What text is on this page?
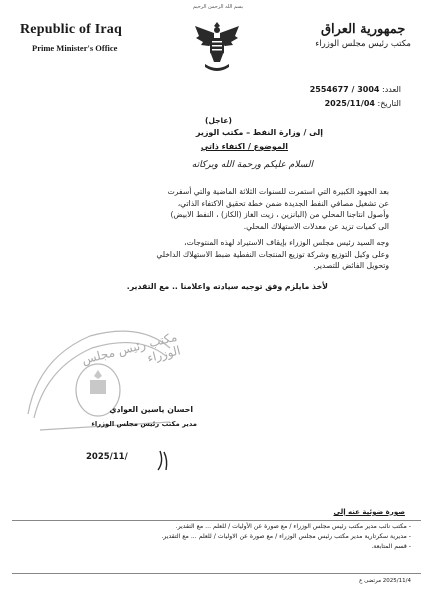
بسم الله الرحمن الرحيم
Republic of Iraq
Prime Minister's Office
جمهورية العراق
مكتب رئيس مجلس الوزراء
العدد: 2554677 / 3004
التاريخ: 2025/11/04
(عاجل)
إلى / وزارة النفط – مكتب الوزير
الموضوع / اكتفاء ذاتي
السلام عليكم ورحمة الله وبركاته
بعد الجهود الكبيرة التي استمرت للسنوات الثلاثة الماضية والتي أسفرت
عن تشغيل مصافي النفط الجديدة ضمن خطة تحقيق الاكتفاء الذاتي،
وأصول انتاجنا المحلي من (البانزين ، زيت الغاز (الكاز) ، النفط الابيض)
الى كميات تزيد عن معدلات الاستهلاك المحلي.
وجه السيد رئيس مجلس الوزراء بإيقاف الاستيراد لهذه المنتوجات،
وعلى وكيل التوزيع وشركة توزيع المنتجات النفطية ضبط الاستهلاك الداخلي
وتحويل الفائض للتصدير.
لأخذ مايلزم وفق توجيه سيادته واعلامنا .. مع التقدير.
مكتب رئيس مجلس الوزراء
احسان ياسين العوادي
مدير مكتب رئيس مجلس الوزراء
2025/11/
صورة ضوئية عنه إلى
- مكتب نائب مدير مكتب رئيس مجلس الوزراء / مع صورة عن الأوليات / للعلم ... مع التقدير.
- مديرية سكرتارية مدير مكتب رئيس مجلس الوزراء / مع صورة عن الاوليات / للعلم ... مع التقدير.
- قسم المتابعة.
2025/11/4 مرتضى ع
